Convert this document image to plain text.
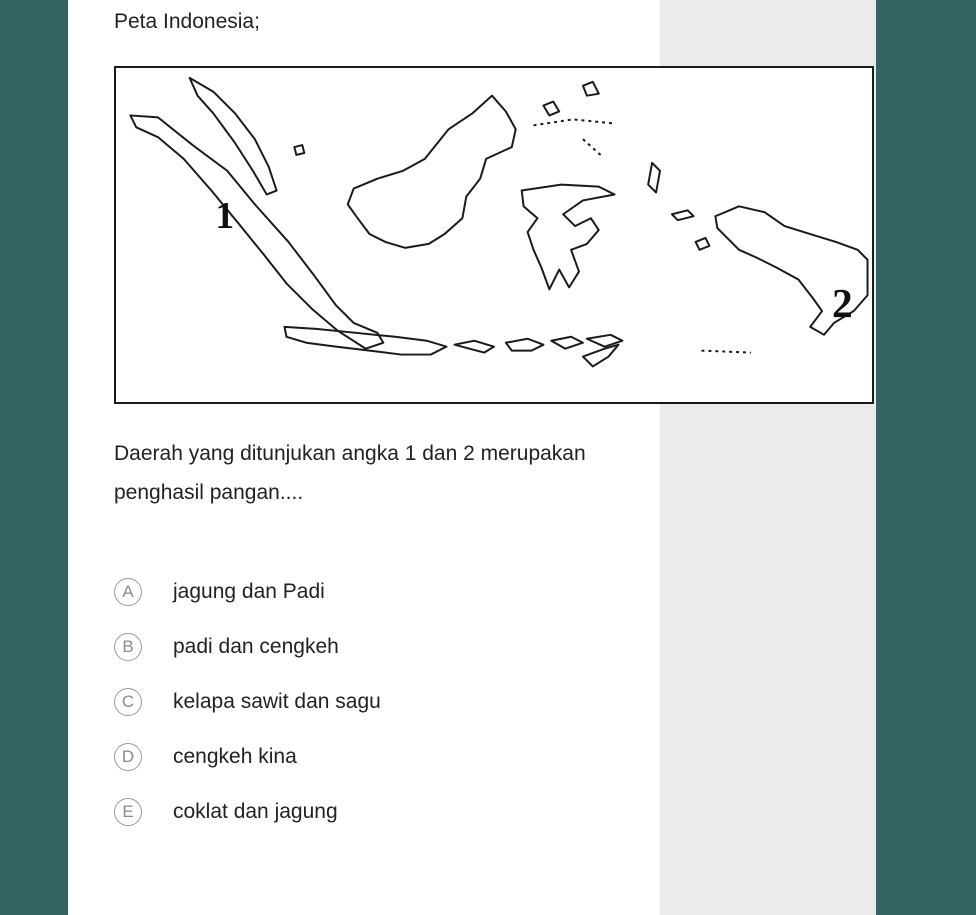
Peta Indonesia;
1
2

Daerah yang ditunjukan angka 1 dan 2 merupakan penghasil pangan....

A	jagung dan Padi
B	padi dan cengkeh
C	kelapa sawit dan sagu
D	cengkeh kina
E	coklat dan jagung
